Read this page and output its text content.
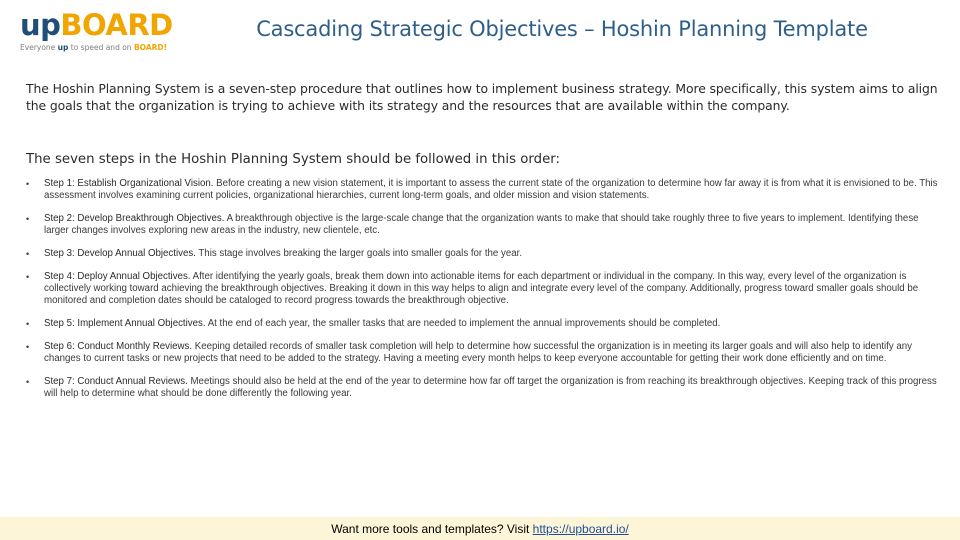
upBOARD
Everyone up to speed and on BOARD!
Cascading Strategic Objectives – Hoshin Planning Template
The Hoshin Planning System is a seven-step procedure that outlines how to implement business strategy. More specifically, this system aims to align the goals that the organization is trying to achieve with its strategy and the resources that are available within the company.
The seven steps in the Hoshin Planning System should be followed in this order:
• Step 1: Establish Organizational Vision. Before creating a new vision statement, it is important to assess the current state of the organization to determine how far away it is from what it is envisioned to be. This assessment involves examining current policies, organizational hierarchies, current long-term goals, and older mission and vision statements.
• Step 2: Develop Breakthrough Objectives. A breakthrough objective is the large-scale change that the organization wants to make that should take roughly three to five years to implement. Identifying these larger changes involves exploring new areas in the industry, new clientele, etc.
• Step 3: Develop Annual Objectives. This stage involves breaking the larger goals into smaller goals for the year.
• Step 4: Deploy Annual Objectives. After identifying the yearly goals, break them down into actionable items for each department or individual in the company. In this way, every level of the organization is collectively working toward achieving the breakthrough objectives. Breaking it down in this way helps to align and integrate every level of the company. Additionally, progress toward smaller goals should be monitored and completion dates should be cataloged to record progress towards the breakthrough objective.
• Step 5: Implement Annual Objectives. At the end of each year, the smaller tasks that are needed to implement the annual improvements should be completed.
• Step 6: Conduct Monthly Reviews. Keeping detailed records of smaller task completion will help to determine how successful the organization is in meeting its larger goals and will also help to identify any changes to current tasks or new projects that need to be added to the strategy. Having a meeting every month helps to keep everyone accountable for getting their work done efficiently and on time.
• Step 7: Conduct Annual Reviews. Meetings should also be held at the end of the year to determine how far off target the organization is from reaching its breakthrough objectives. Keeping track of this progress will help to determine what should be done differently the following year.
Want more tools and templates? Visit https://upboard.io/
